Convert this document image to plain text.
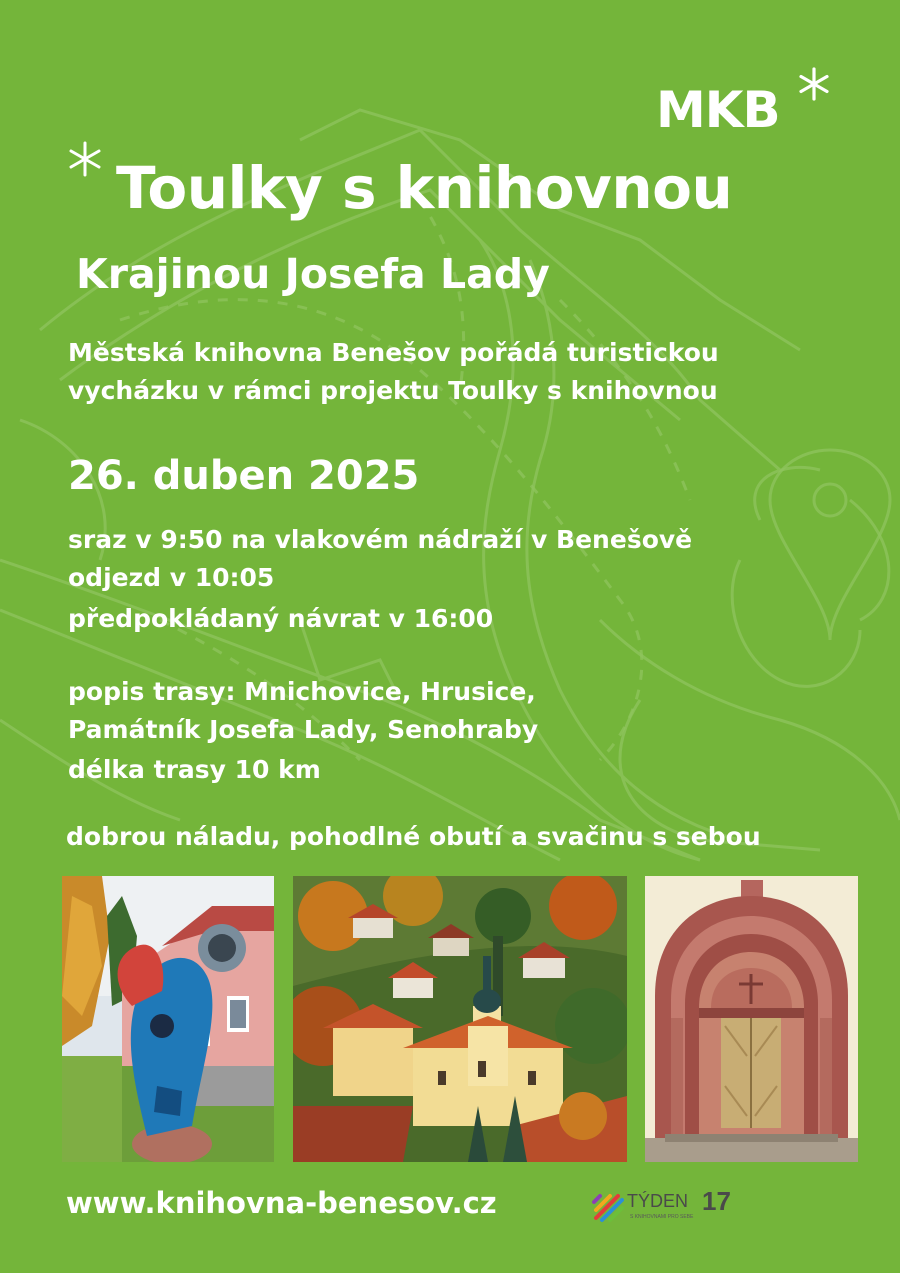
MKB
Toulky s knihovnou
Krajinou Josefa Lady

Městská knihovna Benešov pořádá turistickou

vycházku v rámci projektu Toulky s knihovnou

26. duben 2025

sraz v 9:50 na vlakovém nádraží v Benešově

odjezd v 10:05

předpokládaný návrat v 16:00

popis trasy: Mnichovice, Hrusice,

Památník Josefa Lady, Senohraby

délka trasy 10 km

dobrou náladu, pohodlné obutí a svačinu s sebou

www.knihovna-benesov.cz	TÝDEN 17
S KNIHOVNAMI PRO SEBE
